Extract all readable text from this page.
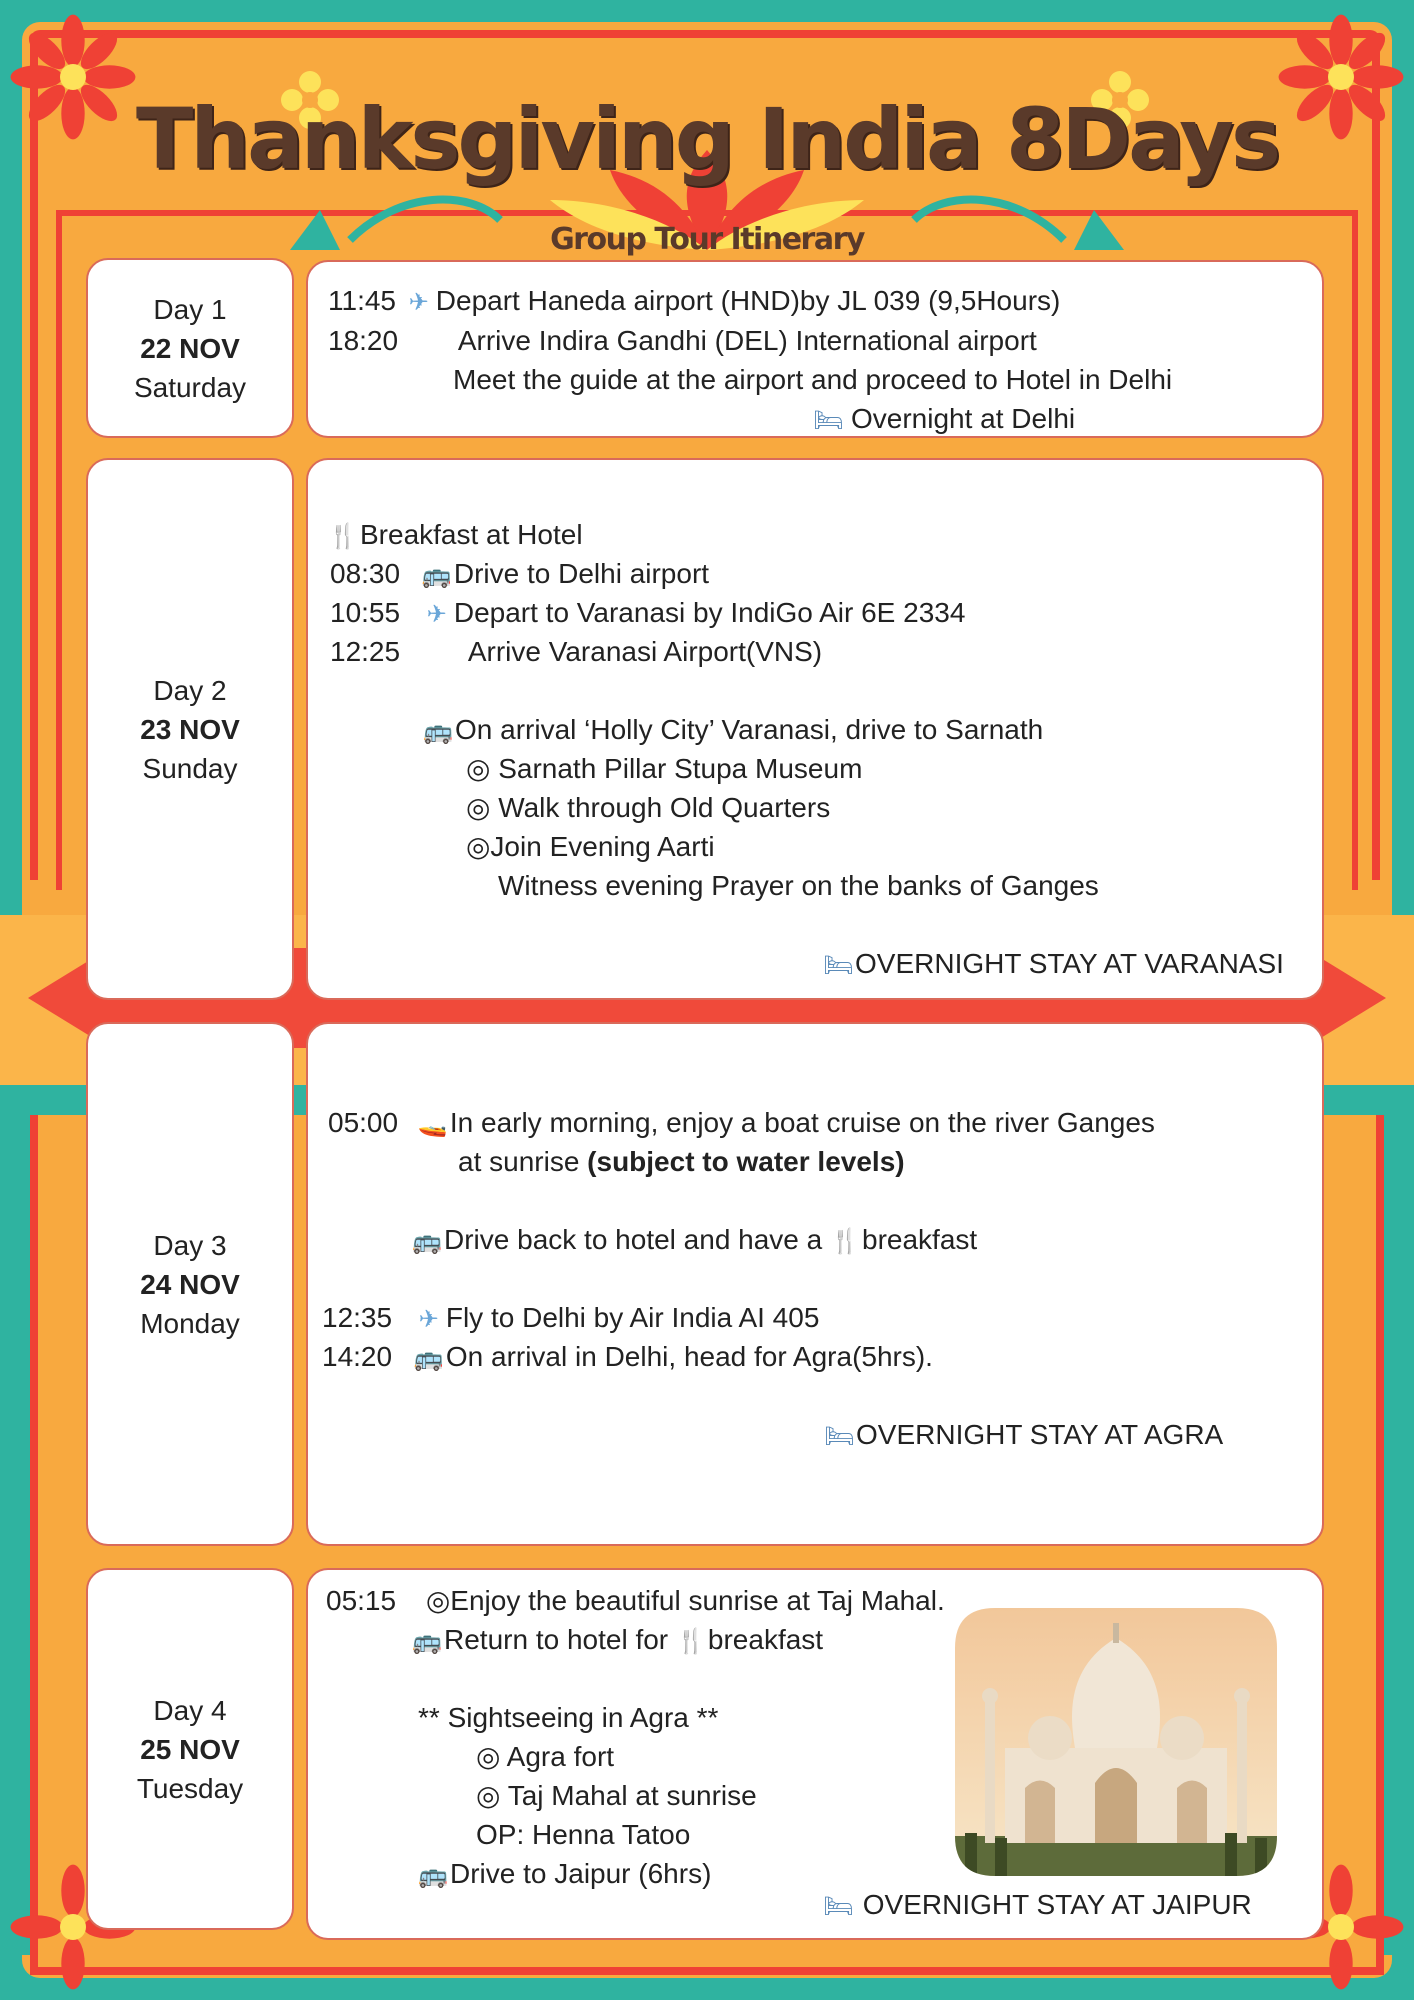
Thanksgiving India 8Days
Group Tour Itinerary
Day 1
22 NOV
Saturday
11:45 ✈ Depart Haneda airport (HND)by JL 039 (9,5Hours)
18:20 Arrive Indira Gandhi (DEL) International airport
Meet the guide at the airport and proceed to Hotel in Delhi
🛏 Overnight at Delhi
Day 2
23 NOV
Sunday
🍴Breakfast at Hotel
08:30 🚌Drive to Delhi airport
10:55 ✈ Depart to Varanasi by IndiGo Air 6E 2334
12:25 Arrive Varanasi Airport(VNS)
🚌On arrival ‘Holly City’ Varanasi, drive to Sarnath
◎ Sarnath Pillar Stupa Museum
◎ Walk through Old Quarters
◎Join Evening Aarti
Witness evening Prayer on the banks of Ganges
🛏OVERNIGHT STAY AT VARANASI
Day 3
24 NOV
Monday
05:00 🚤In early morning, enjoy a boat cruise on the river Ganges
at sunrise (subject to water levels)
🚌Drive back to hotel and have a 🍴breakfast
12:35 ✈ Fly to Delhi by Air India AI 405
14:20 🚌On arrival in Delhi, head for Agra(5hrs).
🛏OVERNIGHT STAY AT AGRA
Day 4
25 NOV
Tuesday
05:15 ◎Enjoy the beautiful sunrise at Taj Mahal.
🚌Return to hotel for 🍴breakfast
** Sightseeing in Agra **
◎ Agra fort
◎ Taj Mahal at sunrise
OP: Henna Tatoo
🚌Drive to Jaipur (6hrs)
🛏 OVERNIGHT STAY AT JAIPUR
